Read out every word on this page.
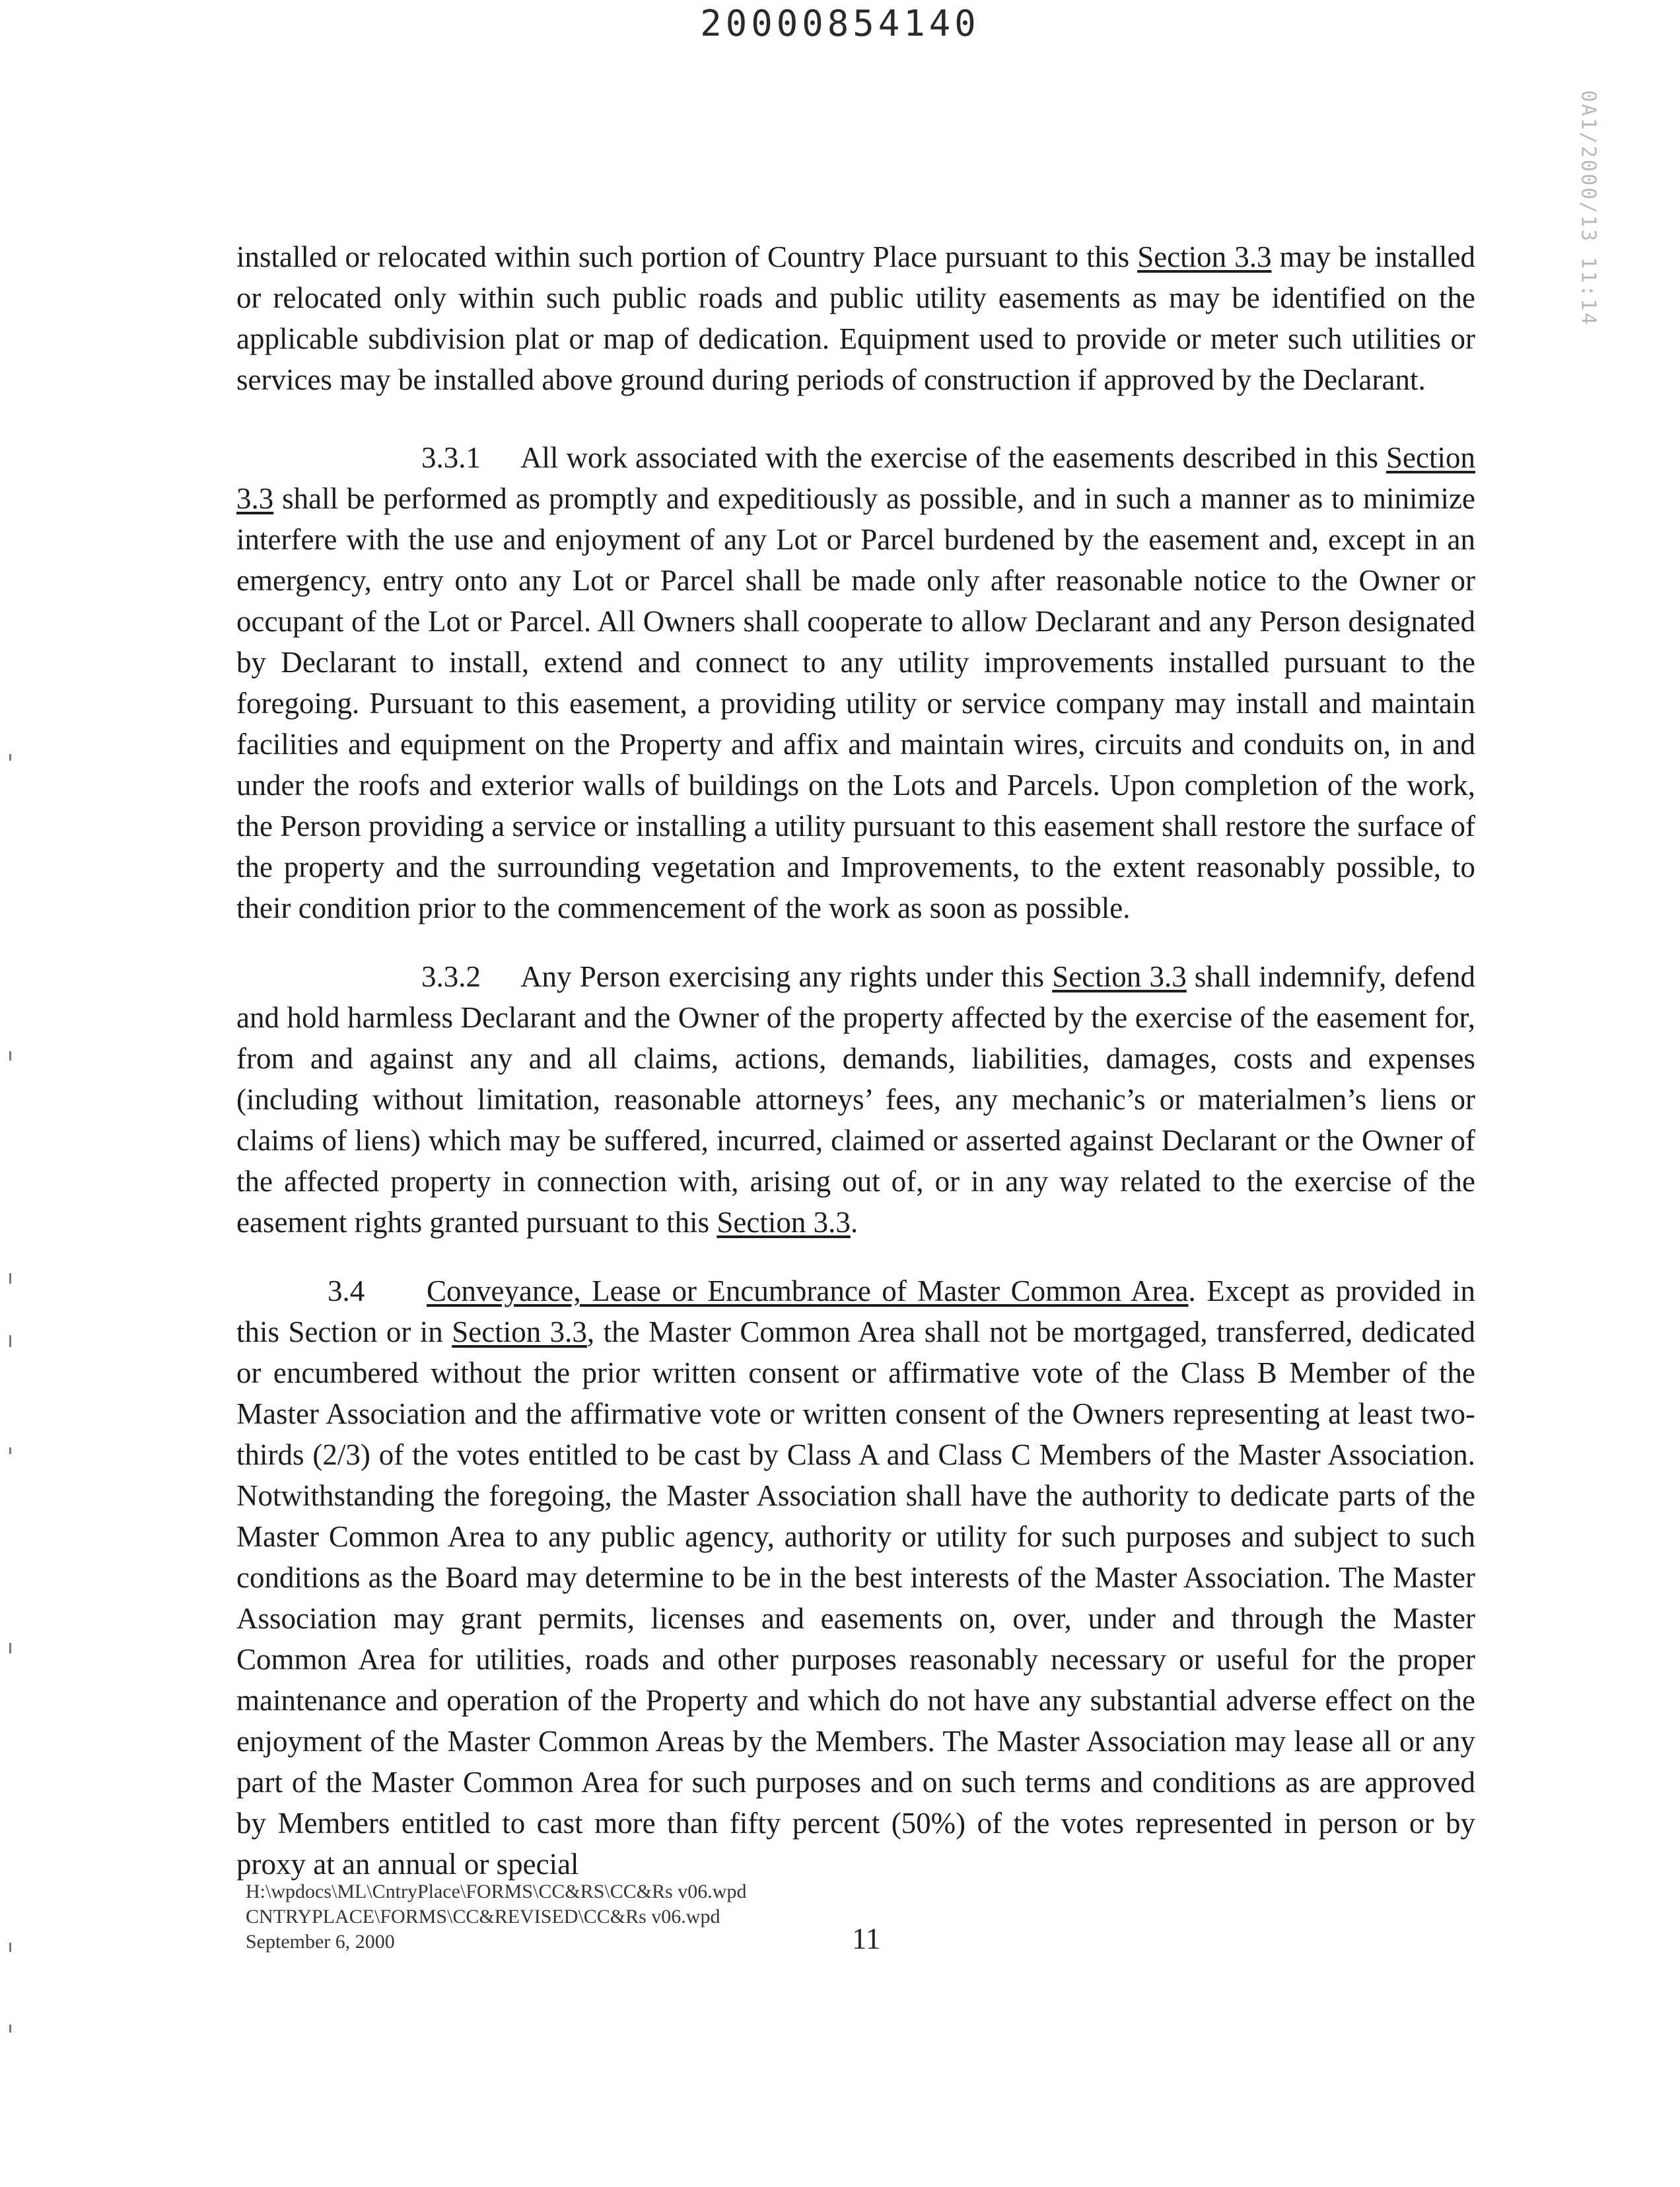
20000854140
0A1/2000/13 11:14

installed or relocated within such portion of Country Place pursuant to this Section 3.3 may be installed or relocated only within such public roads and public utility easements as may be identified on the applicable subdivision plat or map of dedication. Equipment used to provide or meter such utilities or services may be installed above ground during periods of construction if approved by the Declarant.

3.3.1 All work associated with the exercise of the easements described in this Section 3.3 shall be performed as promptly and expeditiously as possible, and in such a manner as to minimize interfere with the use and enjoyment of any Lot or Parcel burdened by the easement and, except in an emergency, entry onto any Lot or Parcel shall be made only after reasonable notice to the Owner or occupant of the Lot or Parcel. All Owners shall cooperate to allow Declarant and any Person designated by Declarant to install, extend and connect to any utility improvements installed pursuant to the foregoing. Pursuant to this easement, a providing utility or service company may install and maintain facilities and equipment on the Property and affix and maintain wires, circuits and conduits on, in and under the roofs and exterior walls of buildings on the Lots and Parcels. Upon completion of the work, the Person providing a service or installing a utility pursuant to this easement shall restore the surface of the property and the surrounding vegetation and Improvements, to the extent reasonably possible, to their condition prior to the commencement of the work as soon as possible.

3.3.2 Any Person exercising any rights under this Section 3.3 shall indemnify, defend and hold harmless Declarant and the Owner of the property affected by the exercise of the easement for, from and against any and all claims, actions, demands, liabilities, damages, costs and expenses (including without limitation, reasonable attorneys’ fees, any mechanic’s or materialmen’s liens or claims of liens) which may be suffered, incurred, claimed or asserted against Declarant or the Owner of the affected property in connection with, arising out of, or in any way related to the exercise of the easement rights granted pursuant to this Section 3.3.

3.4 Conveyance, Lease or Encumbrance of Master Common Area. Except as provided in this Section or in Section 3.3, the Master Common Area shall not be mortgaged, transferred, dedicated or encumbered without the prior written consent or affirmative vote of the Class B Member of the Master Association and the affirmative vote or written consent of the Owners representing at least two-thirds (2/3) of the votes entitled to be cast by Class A and Class C Members of the Master Association. Notwithstanding the foregoing, the Master Association shall have the authority to dedicate parts of the Master Common Area to any public agency, authority or utility for such purposes and subject to such conditions as the Board may determine to be in the best interests of the Master Association. The Master Association may grant permits, licenses and easements on, over, under and through the Master Common Area for utilities, roads and other purposes reasonably necessary or useful for the proper maintenance and operation of the Property and which do not have any substantial adverse effect on the enjoyment of the Master Common Areas by the Members. The Master Association may lease all or any part of the Master Common Area for such purposes and on such terms and conditions as are approved by Members entitled to cast more than fifty percent (50%) of the votes represented in person or by proxy at an annual or special

H:\wpdocs\ML\CntryPlace\FORMS\CC&RS\CC&Rs v06.wpd
CNTRYPLACE\FORMS\CC&REVISED\CC&Rs v06.wpd
September 6, 2000	11
